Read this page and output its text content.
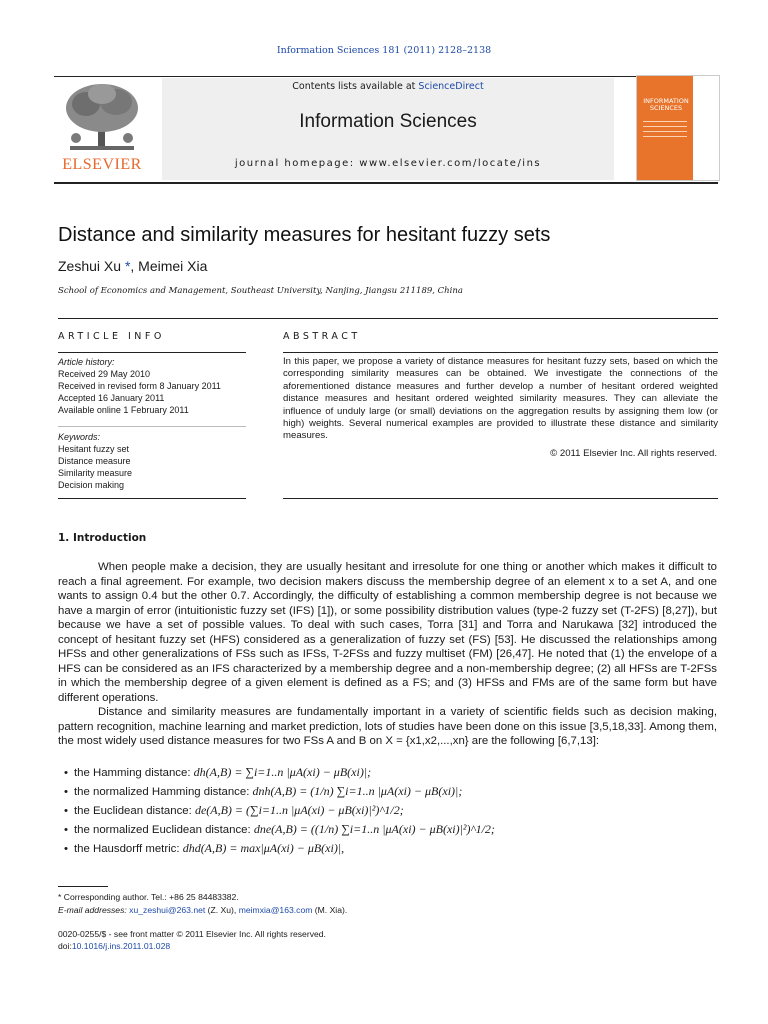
Information Sciences 181 (2011) 2128–2138
Contents lists available at ScienceDirect
Information Sciences
journal homepage: www.elsevier.com/locate/ins
ELSEVIER
INFORMATION SCIENCES
Distance and similarity measures for hesitant fuzzy sets
Zeshui Xu *, Meimei Xia
School of Economics and Management, Southeast University, Nanjing, Jiangsu 211189, China
ARTICLE INFO
Article history:
Received 29 May 2010
Received in revised form 8 January 2011
Accepted 16 January 2011
Available online 1 February 2011
Keywords:
Hesitant fuzzy set
Distance measure
Similarity measure
Decision making
ABSTRACT
In this paper, we propose a variety of distance measures for hesitant fuzzy sets, based on which the corresponding similarity measures can be obtained. We investigate the connections of the aforementioned distance measures and further develop a number of hesitant ordered weighted distance measures and hesitant ordered weighted similarity measures. They can alleviate the influence of unduly large (or small) deviations on the aggregation results by assigning them low (or high) weights. Several numerical examples are provided to illustrate these distance and similarity measures.
© 2011 Elsevier Inc. All rights reserved.
1. Introduction
When people make a decision, they are usually hesitant and irresolute for one thing or another which makes it difficult to reach a final agreement. For example, two decision makers discuss the membership degree of an element x to a set A, and one wants to assign 0.4 but the other 0.7. Accordingly, the difficulty of establishing a common membership degree is not because we have a margin of error (intuitionistic fuzzy set (IFS) [1]), or some possibility distribution values (type-2 fuzzy set (T-2FS) [8,27]), but because we have a set of possible values. To deal with such cases, Torra [31] and Torra and Narukawa [32] introduced the concept of hesitant fuzzy set (HFS) considered as a generalization of fuzzy set (FS) [53]. He discussed the relationships among HFSs and other generalizations of FSs such as IFSs, T-2FSs and fuzzy multiset (FM) [26,47]. He noted that (1) the envelope of a HFS can be considered as an IFS characterized by a membership degree and a non-membership degree; (2) all HFSs are T-2FSs in which the membership degree of a given element is defined as a FS; and (3) HFSs and FMs are of the same form but have different operations.
Distance and similarity measures are fundamentally important in a variety of scientific fields such as decision making, pattern recognition, machine learning and market prediction, lots of studies have been done on this issue [3,5,18,33]. Among them, the most widely used distance measures for two FSs A and B on X = {x1,x2,...,xn} are the following [6,7,13]:
• the Hamming distance: dh(A,B) = ∑i=1..n |μA(xi) − μB(xi)|;
• the normalized Hamming distance: dnh(A,B) = (1/n) ∑i=1..n |μA(xi) − μB(xi)|;
• the Euclidean distance: de(A,B) = (∑i=1..n |μA(xi) − μB(xi)|²)^1/2;
• the normalized Euclidean distance: dne(A,B) = ((1/n) ∑i=1..n |μA(xi) − μB(xi)|²)^1/2;
• the Hausdorff metric: dhd(A,B) = max|μA(xi) − μB(xi)|,
* Corresponding author. Tel.: +86 25 84483382.
E-mail addresses: xu_zeshui@263.net (Z. Xu), meimxia@163.com (M. Xia).
0020-0255/$ - see front matter © 2011 Elsevier Inc. All rights reserved.
doi:10.1016/j.ins.2011.01.028
